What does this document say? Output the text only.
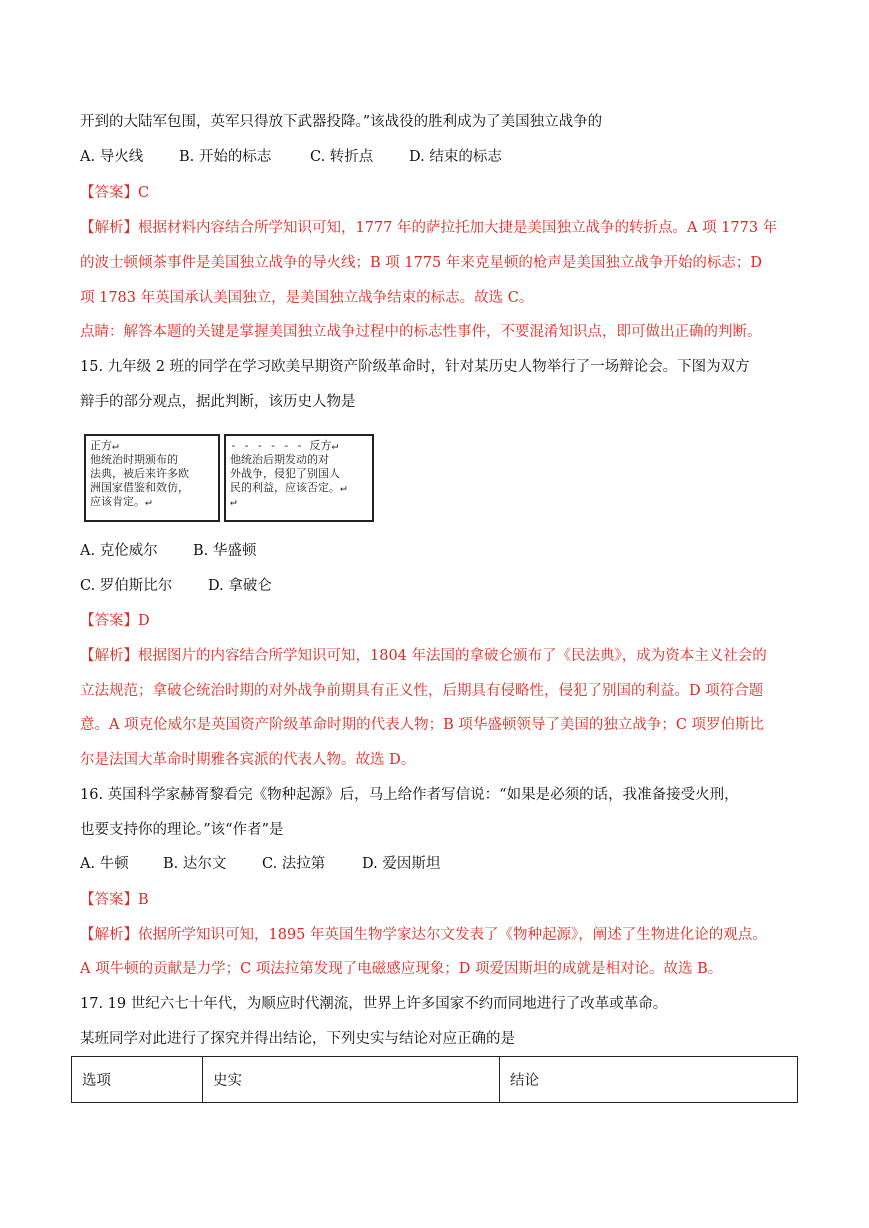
开到的大陆军包围，英军只得放下武器投降。”该战役的胜利成为了美国独立战争的
A. 导火线 B. 开始的标志	C. 转折点 D. 结束的标志
【答案】C
【解析】根据材料内容结合所学知识可知，1777 年的萨拉托加大捷是美国独立战争的转折点。A 项 1773 年
的波士顿倾茶事件是美国独立战争的导火线；B 项 1775 年来克星顿的枪声是美国独立战争开始的标志；D
项 1783 年英国承认美国独立，是美国独立战争结束的标志。故选 C。
点睛：解答本题的关键是掌握美国独立战争过程中的标志性事件，不要混淆知识点，即可做出正确的判断。
15. 九年级 2 班的同学在学习欧美早期资产阶级革命时，针对某历史人物举行了一场辩论会。下图为双方
辩手的部分观点，据此判断，该历史人物是
正方↵
他统治时期颁布的
法典，被后来许多欧
洲国家借鉴和效仿，
应该肯定。↵
- - - - - - 反方↵
他统治后期发动的对
外战争，侵犯了别国人
民的利益，应该否定。↵
↵
A. 克伦威尔 B. 华盛顿
C. 罗伯斯比尔 D. 拿破仑
【答案】D
【解析】根据图片的内容结合所学知识可知，1804 年法国的拿破仑颁布了《民法典》，成为资本主义社会的
立法规范；拿破仑统治时期的对外战争前期具有正义性，后期具有侵略性，侵犯了别国的利益。D 项符合题
意。A 项克伦威尔是英国资产阶级革命时期的代表人物；B 项华盛顿领导了美国的独立战争；C 项罗伯斯比
尔是法国大革命时期雅各宾派的代表人物。故选 D。
16. 英国科学家赫胥黎看完《物种起源》后，马上给作者写信说：“如果是必须的话，我准备接受火刑，
也要支持你的理论。”该“作者”是
A. 牛顿 B. 达尔文 C. 法拉第	D. 爱因斯坦
【答案】B
【解析】依据所学知识可知，1895 年英国生物学家达尔文发表了《物种起源》，阐述了生物进化论的观点。
A 项牛顿的贡献是力学；C 项法拉第发现了电磁感应现象；D 项爱因斯坦的成就是相对论。故选 B。
17. 19 世纪六七十年代，为顺应时代潮流，世界上许多国家不约而同地进行了改革或革命。
某班同学对此进行了探究并得出结论，下列史实与结论对应正确的是
选项	史实	结论
